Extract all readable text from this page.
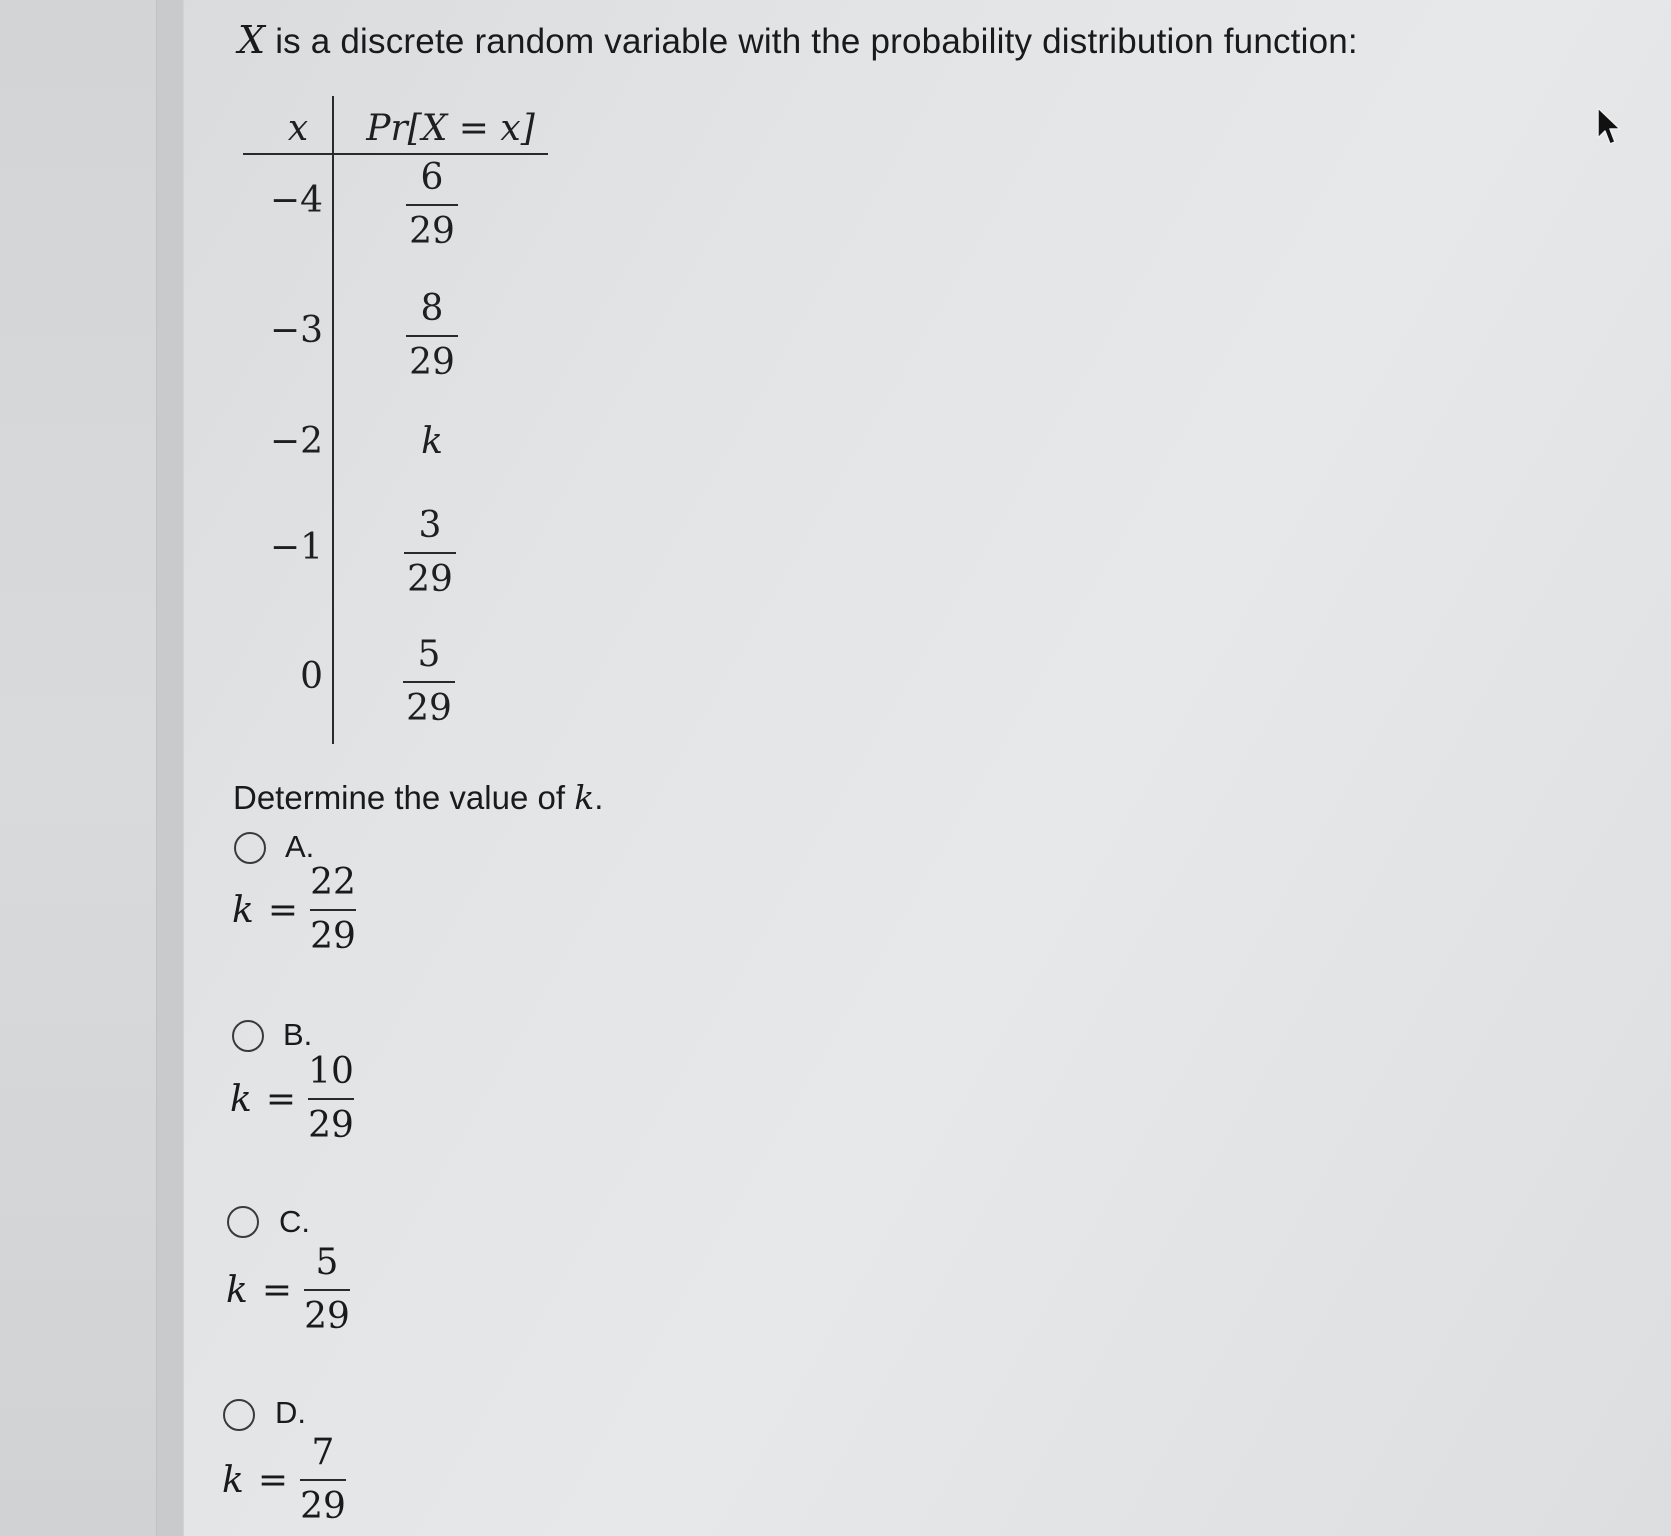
X is a discrete random variable with the probability distribution function:
x	Pr[X = x]
−4
6
29
−3
8
29
−2	k
−1
3
29
0
5
29
Determine the value of k.
A.
$k = \frac{22}{29}$
B.
$k = \frac{10}{29}$
C.
$k = \frac{5}{29}$
D.
$k = \frac{7}{29}$
